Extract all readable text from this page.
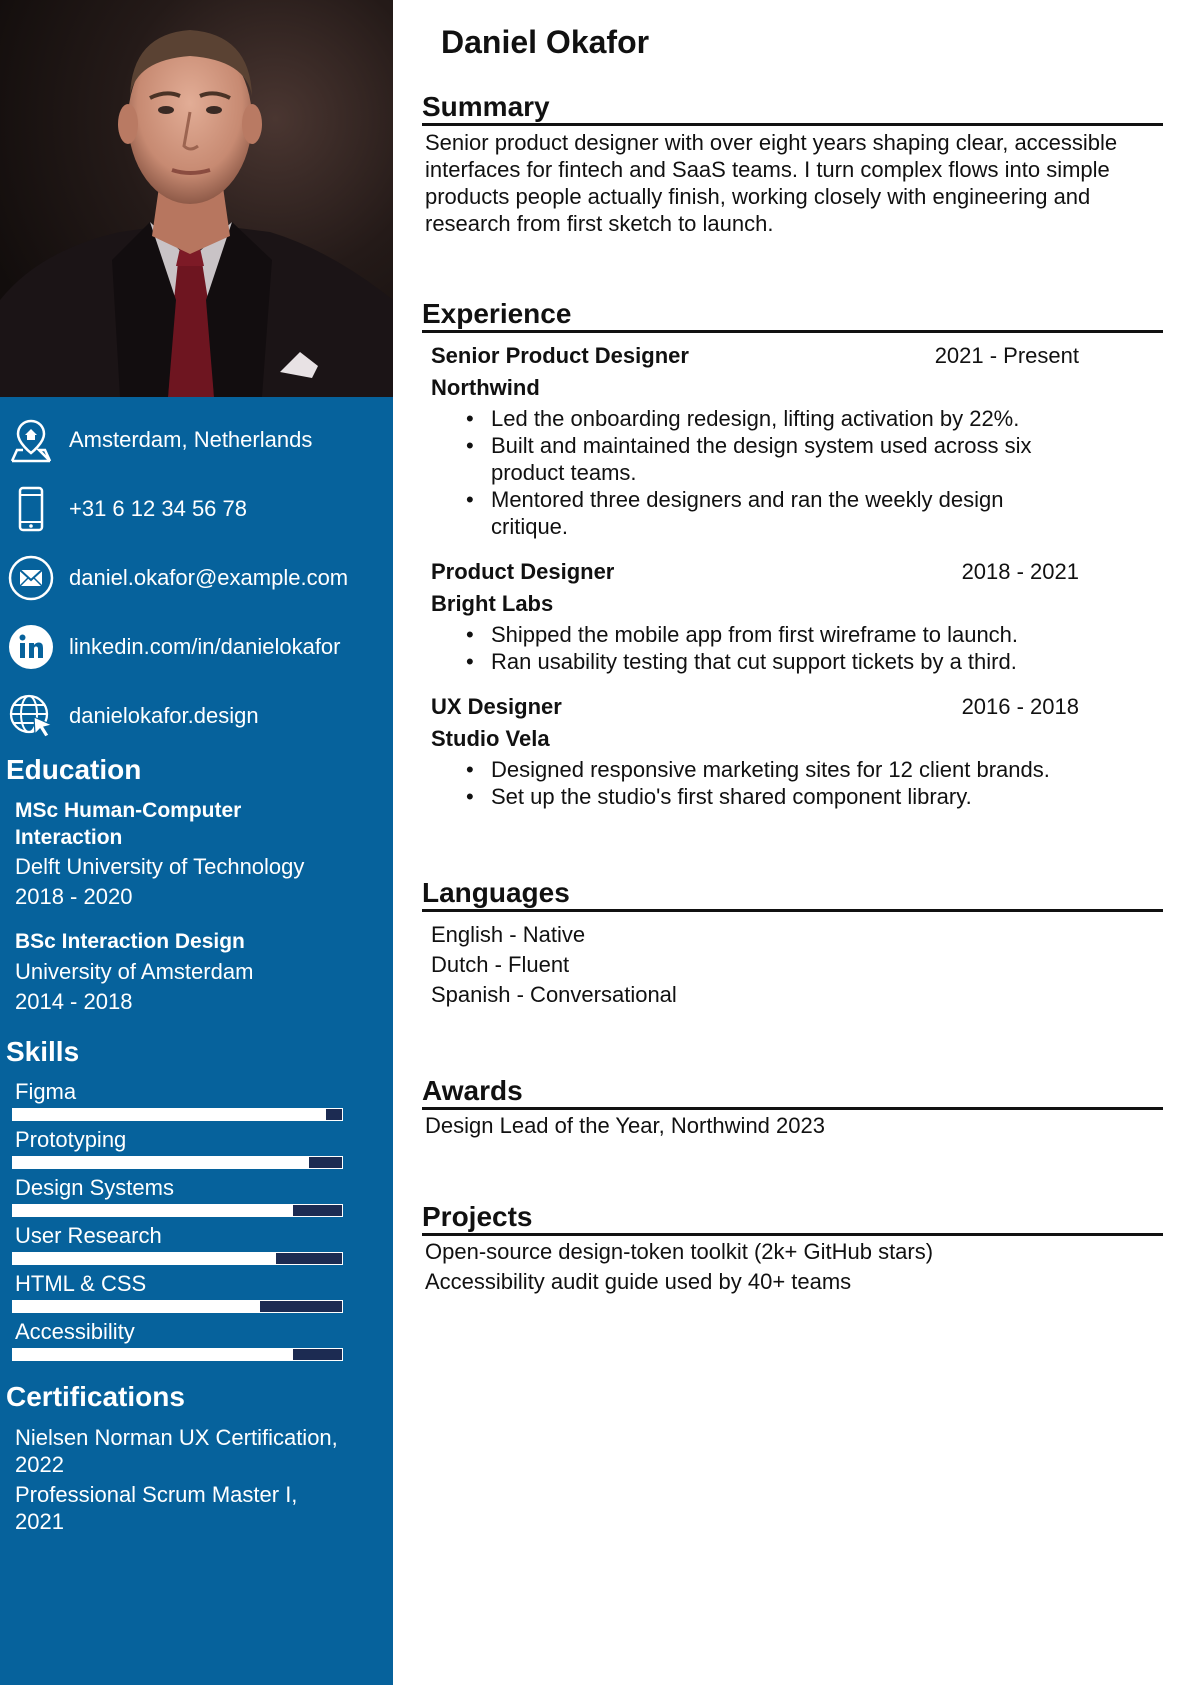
Amsterdam, Netherlands
+31 6 12 34 56 78
daniel.okafor@example.com
linkedin.com/in/danielokafor
danielokafor.design
Education
MSc Human-Computer
Interaction
Delft University of Technology
2018 - 2020
BSc Interaction Design
University of Amsterdam
2014 - 2018
Skills
Figma
Prototyping
Design Systems
User Research
HTML & CSS
Accessibility
Certifications
Nielsen Norman UX Certification,
2022
Professional Scrum Master I,
2021
Daniel Okafor
Summary
Senior product designer with over eight years shaping clear, accessible
interfaces for fintech and SaaS teams. I turn complex flows into simple
products people actually finish, working closely with engineering and
research from first sketch to launch.
Experience
Senior Product Designer	2021 - Present
Northwind
• Led the onboarding redesign, lifting activation by 22%.
• Built and maintained the design system used across six
product teams.
• Mentored three designers and ran the weekly design
critique.
Product Designer	2018 - 2021
Bright Labs
• Shipped the mobile app from first wireframe to launch.
• Ran usability testing that cut support tickets by a third.
UX Designer	2016 - 2018
Studio Vela
• Designed responsive marketing sites for 12 client brands.
• Set up the studio's first shared component library.
Languages
English - Native
Dutch - Fluent
Spanish - Conversational
Awards
Design Lead of the Year, Northwind 2023
Projects
Open-source design-token toolkit (2k+ GitHub stars)
Accessibility audit guide used by 40+ teams
